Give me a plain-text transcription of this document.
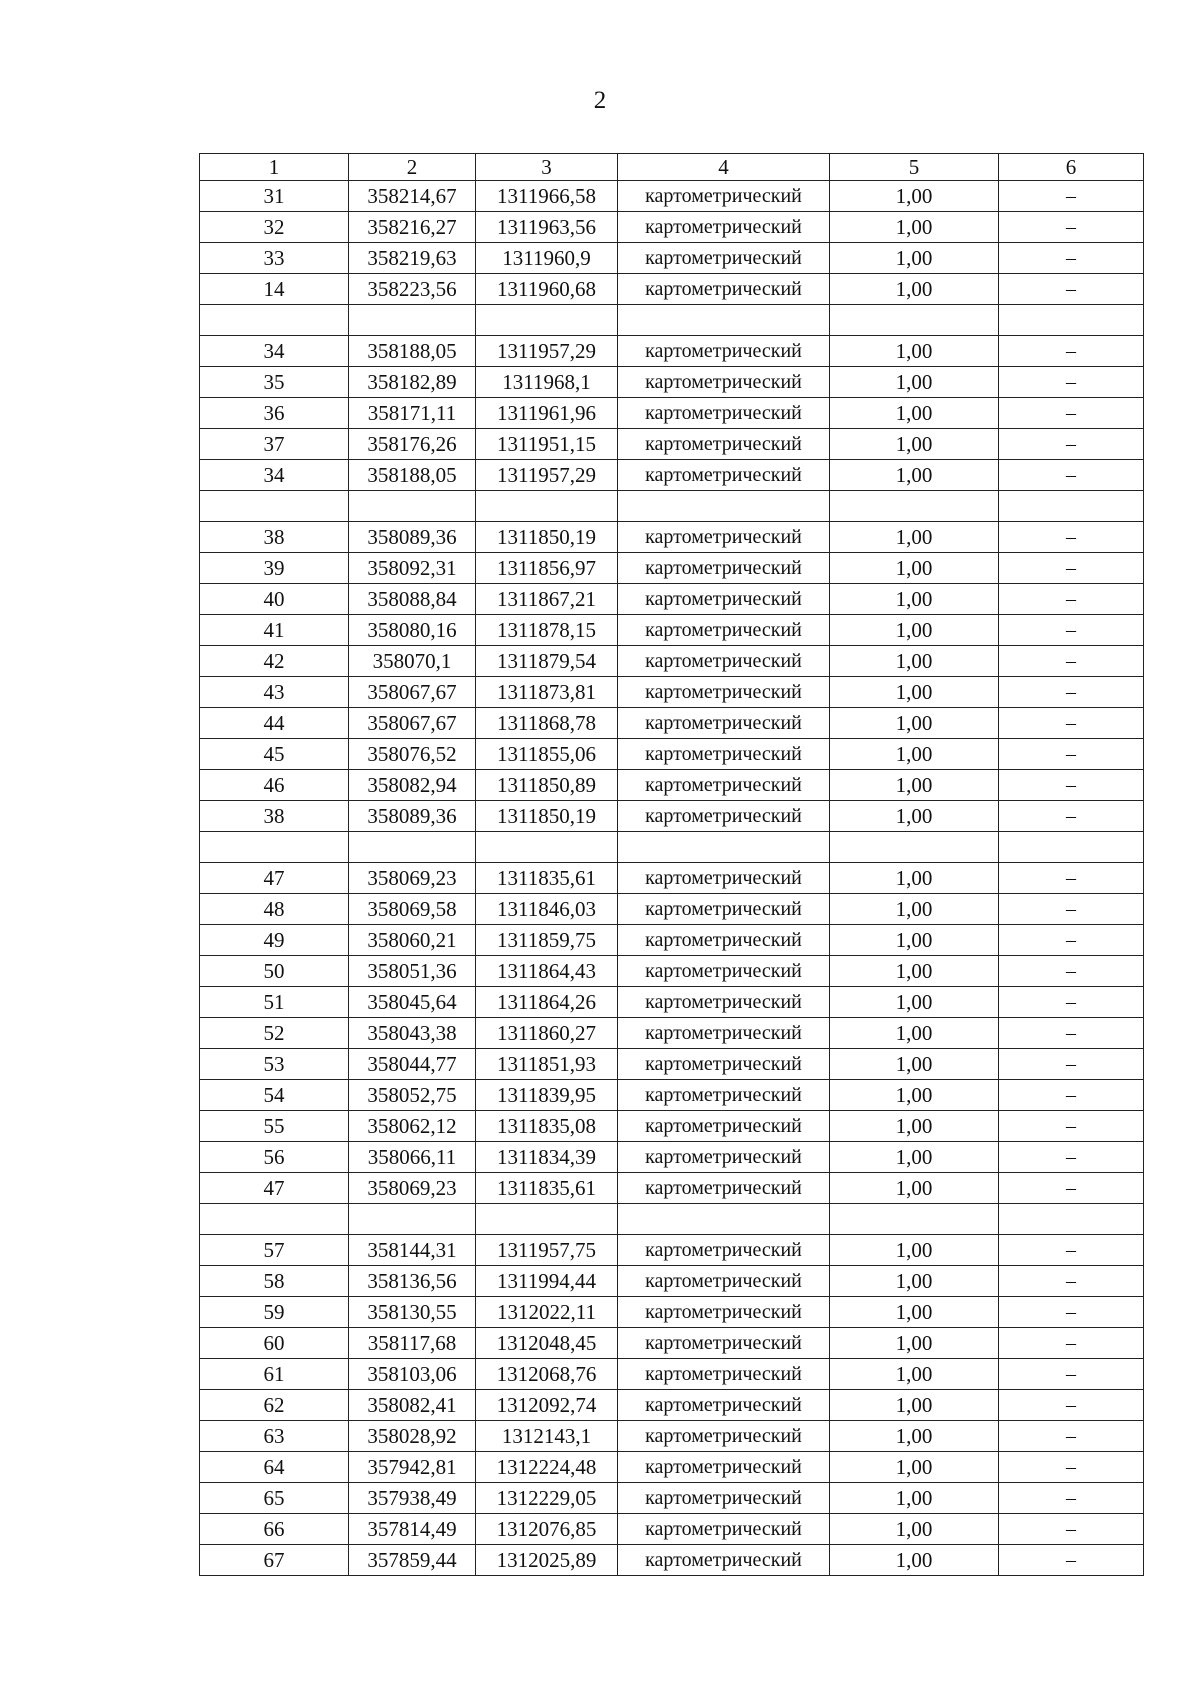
2
1	2	3	4	5	6
31	358214,67	1311966,58	картометрический	1,00	–
32	358216,27	1311963,56	картометрический	1,00	–
33	358219,63	1311960,9	картометрический	1,00	–
14	358223,56	1311960,68	картометрический	1,00	–

34	358188,05	1311957,29	картометрический	1,00	–
35	358182,89	1311968,1	картометрический	1,00	–
36	358171,11	1311961,96	картометрический	1,00	–
37	358176,26	1311951,15	картометрический	1,00	–
34	358188,05	1311957,29	картометрический	1,00	–

38	358089,36	1311850,19	картометрический	1,00	–
39	358092,31	1311856,97	картометрический	1,00	–
40	358088,84	1311867,21	картометрический	1,00	–
41	358080,16	1311878,15	картометрический	1,00	–
42	358070,1	1311879,54	картометрический	1,00	–
43	358067,67	1311873,81	картометрический	1,00	–
44	358067,67	1311868,78	картометрический	1,00	–
45	358076,52	1311855,06	картометрический	1,00	–
46	358082,94	1311850,89	картометрический	1,00	–
38	358089,36	1311850,19	картометрический	1,00	–

47	358069,23	1311835,61	картометрический	1,00	–
48	358069,58	1311846,03	картометрический	1,00	–
49	358060,21	1311859,75	картометрический	1,00	–
50	358051,36	1311864,43	картометрический	1,00	–
51	358045,64	1311864,26	картометрический	1,00	–
52	358043,38	1311860,27	картометрический	1,00	–
53	358044,77	1311851,93	картометрический	1,00	–
54	358052,75	1311839,95	картометрический	1,00	–
55	358062,12	1311835,08	картометрический	1,00	–
56	358066,11	1311834,39	картометрический	1,00	–
47	358069,23	1311835,61	картометрический	1,00	–

57	358144,31	1311957,75	картометрический	1,00	–
58	358136,56	1311994,44	картометрический	1,00	–
59	358130,55	1312022,11	картометрический	1,00	–
60	358117,68	1312048,45	картометрический	1,00	–
61	358103,06	1312068,76	картометрический	1,00	–
62	358082,41	1312092,74	картометрический	1,00	–
63	358028,92	1312143,1	картометрический	1,00	–
64	357942,81	1312224,48	картометрический	1,00	–
65	357938,49	1312229,05	картометрический	1,00	–
66	357814,49	1312076,85	картометрический	1,00	–
67	357859,44	1312025,89	картометрический	1,00	–
